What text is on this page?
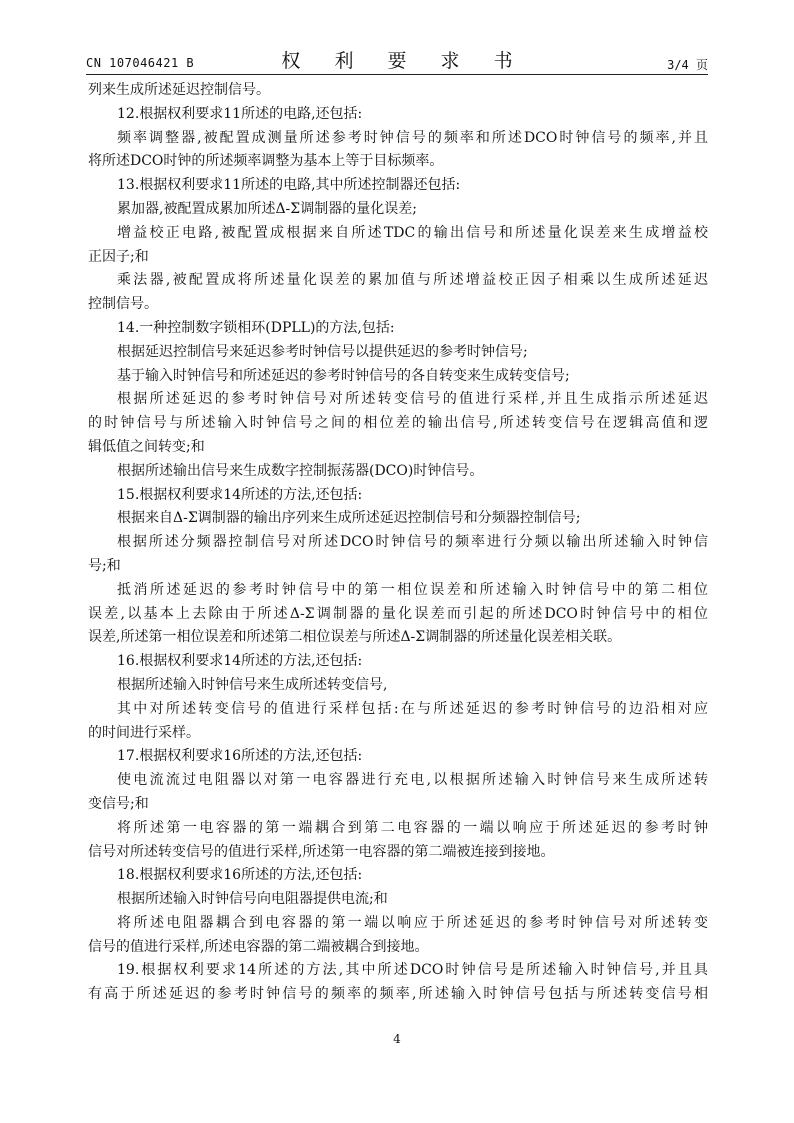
CN 107046421 B	权 利 要 求 书	3/4 页
列来生成所述延迟控制信号。
12.根据权利要求11所述的电路,还包括:
频率调整器,被配置成测量所述参考时钟信号的频率和所述DCO时钟信号的频率,并且
将所述DCO时钟的所述频率调整为基本上等于目标频率。
13.根据权利要求11所述的电路,其中所述控制器还包括:
累加器,被配置成累加所述Δ-Σ调制器的量化误差;
增益校正电路,被配置成根据来自所述TDC的输出信号和所述量化误差来生成增益校
正因子;和
乘法器,被配置成将所述量化误差的累加值与所述增益校正因子相乘以生成所述延迟
控制信号。
14.一种控制数字锁相环(DPLL)的方法,包括:
根据延迟控制信号来延迟参考时钟信号以提供延迟的参考时钟信号;
基于输入时钟信号和所述延迟的参考时钟信号的各自转变来生成转变信号;
根据所述延迟的参考时钟信号对所述转变信号的值进行采样,并且生成指示所述延迟
的时钟信号与所述输入时钟信号之间的相位差的输出信号,所述转变信号在逻辑高值和逻
辑低值之间转变;和
根据所述输出信号来生成数字控制振荡器(DCO)时钟信号。
15.根据权利要求14所述的方法,还包括:
根据来自Δ-Σ调制器的输出序列来生成所述延迟控制信号和分频器控制信号;
根据所述分频器控制信号对所述DCO时钟信号的频率进行分频以输出所述输入时钟信
号;和
抵消所述延迟的参考时钟信号中的第一相位误差和所述输入时钟信号中的第二相位
误差,以基本上去除由于所述Δ-Σ调制器的量化误差而引起的所述DCO时钟信号中的相位
误差,所述第一相位误差和所述第二相位误差与所述Δ-Σ调制器的所述量化误差相关联。
16.根据权利要求14所述的方法,还包括:
根据所述输入时钟信号来生成所述转变信号,
其中对所述转变信号的值进行采样包括:在与所述延迟的参考时钟信号的边沿相对应
的时间进行采样。
17.根据权利要求16所述的方法,还包括:
使电流流过电阻器以对第一电容器进行充电,以根据所述输入时钟信号来生成所述转
变信号;和
将所述第一电容器的第一端耦合到第二电容器的一端以响应于所述延迟的参考时钟
信号对所述转变信号的值进行采样,所述第一电容器的第二端被连接到接地。
18.根据权利要求16所述的方法,还包括:
根据所述输入时钟信号向电阻器提供电流;和
将所述电阻器耦合到电容器的第一端以响应于所述延迟的参考时钟信号对所述转变
信号的值进行采样,所述电容器的第二端被耦合到接地。
19.根据权利要求14所述的方法,其中所述DCO时钟信号是所述输入时钟信号,并且具
有高于所述延迟的参考时钟信号的频率的频率,所述输入时钟信号包括与所述转变信号相
4
